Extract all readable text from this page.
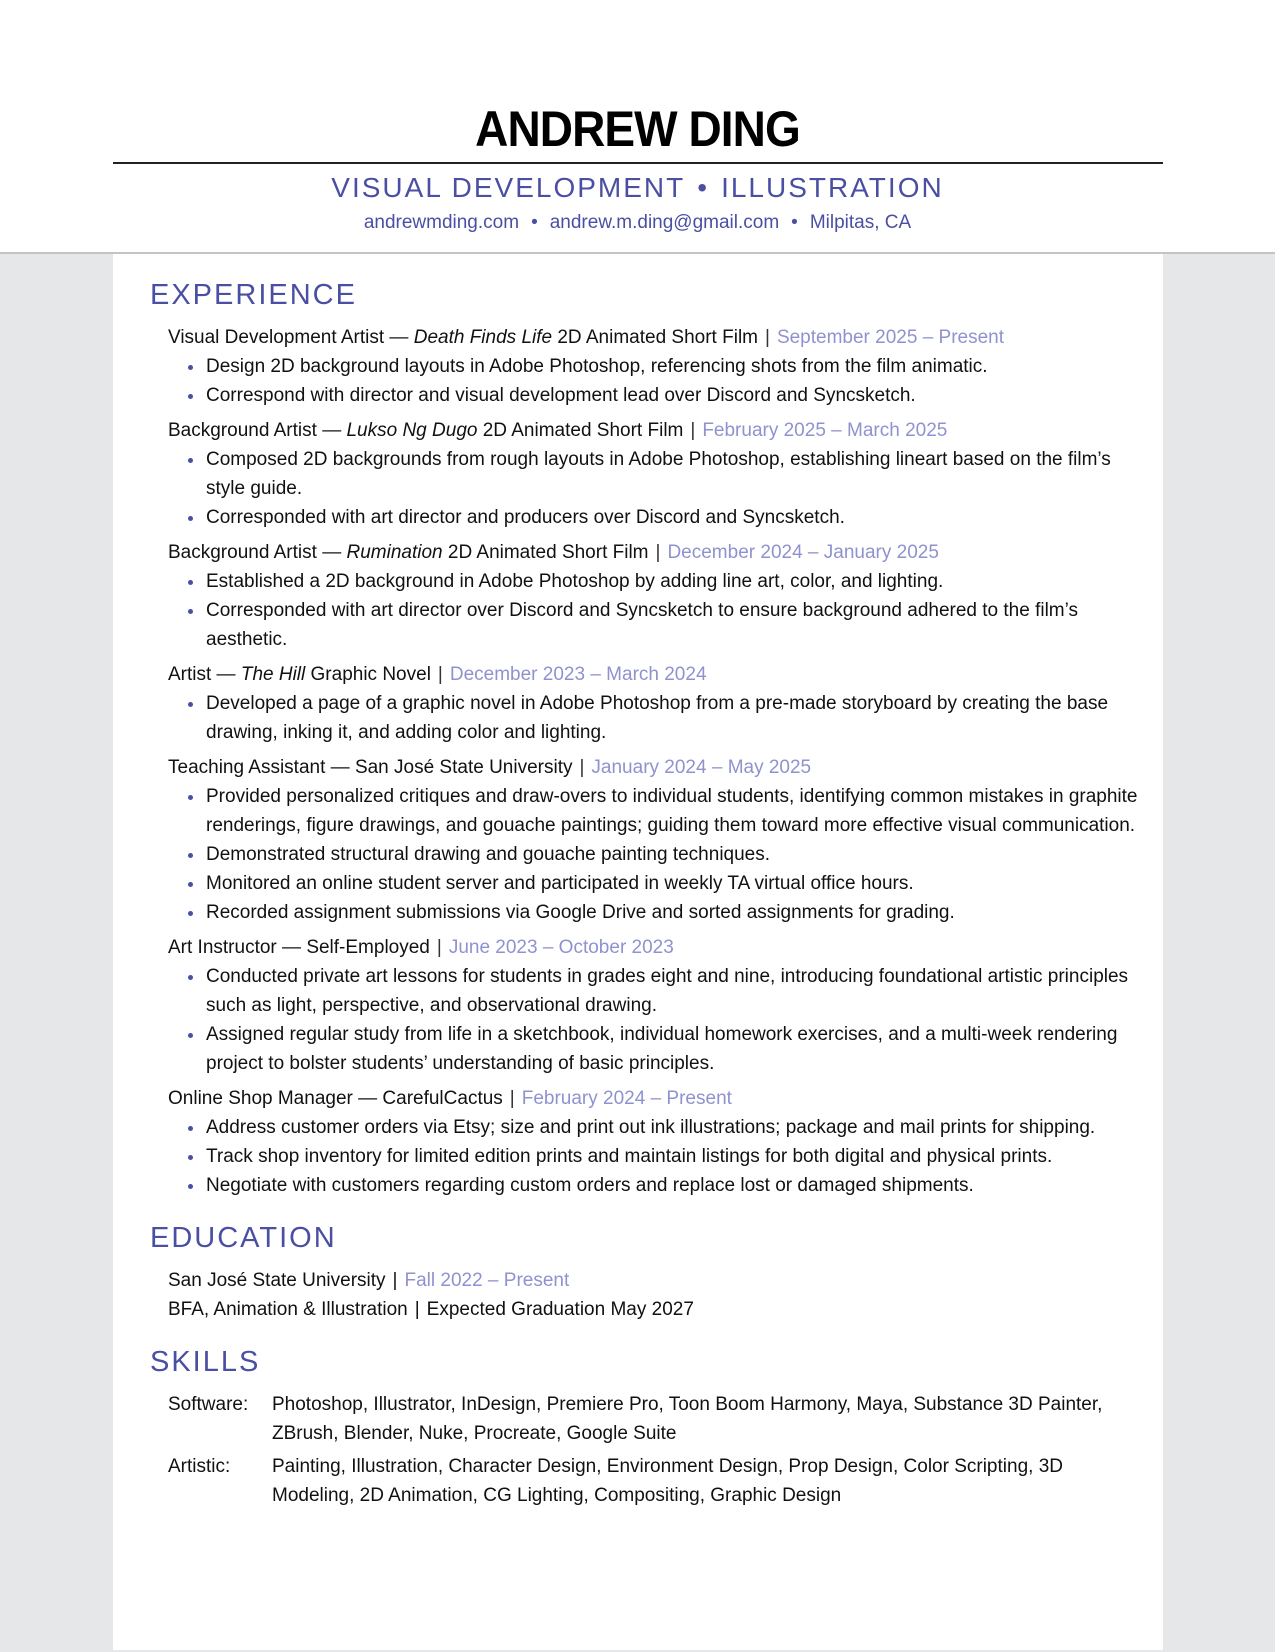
ANDREW DING
VISUAL DEVELOPMENT • ILLUSTRATION
andrewmding.com • andrew.m.ding@gmail.com • Milpitas, CA
EXPERIENCE
Visual Development Artist — Death Finds Life 2D Animated Short Film | September 2025 – Present
Design 2D background layouts in Adobe Photoshop, referencing shots from the film animatic.
Correspond with director and visual development lead over Discord and Syncsketch.
Background Artist — Lukso Ng Dugo 2D Animated Short Film | February 2025 – March 2025
Composed 2D backgrounds from rough layouts in Adobe Photoshop, establishing lineart based on the film’s style guide.
Corresponded with art director and producers over Discord and Syncsketch.
Background Artist — Rumination 2D Animated Short Film | December 2024 – January 2025
Established a 2D background in Adobe Photoshop by adding line art, color, and lighting.
Corresponded with art director over Discord and Syncsketch to ensure background adhered to the film’s aesthetic.
Artist — The Hill Graphic Novel | December 2023 – March 2024
Developed a page of a graphic novel in Adobe Photoshop from a pre-made storyboard by creating the base drawing, inking it, and adding color and lighting.
Teaching Assistant — San José State University | January 2024 – May 2025
Provided personalized critiques and draw-overs to individual students, identifying common mistakes in graphite renderings, figure drawings, and gouache paintings; guiding them toward more effective visual communication.
Demonstrated structural drawing and gouache painting techniques.
Monitored an online student server and participated in weekly TA virtual office hours.
Recorded assignment submissions via Google Drive and sorted assignments for grading.
Art Instructor — Self-Employed | June 2023 – October 2023
Conducted private art lessons for students in grades eight and nine, introducing foundational artistic principles such as light, perspective, and observational drawing.
Assigned regular study from life in a sketchbook, individual homework exercises, and a multi-week rendering project to bolster students’ understanding of basic principles.
Online Shop Manager — CarefulCactus | February 2024 – Present
Address customer orders via Etsy; size and print out ink illustrations; package and mail prints for shipping.
Track shop inventory for limited edition prints and maintain listings for both digital and physical prints.
Negotiate with customers regarding custom orders and replace lost or damaged shipments.
EDUCATION
San José State University | Fall 2022 – Present
BFA, Animation & Illustration | Expected Graduation May 2027
SKILLS
Software:	Photoshop, Illustrator, InDesign, Premiere Pro, Toon Boom Harmony, Maya, Substance 3D Painter, ZBrush, Blender, Nuke, Procreate, Google Suite
Artistic:	Painting, Illustration, Character Design, Environment Design, Prop Design, Color Scripting, 3D Modeling, 2D Animation, CG Lighting, Compositing, Graphic Design
